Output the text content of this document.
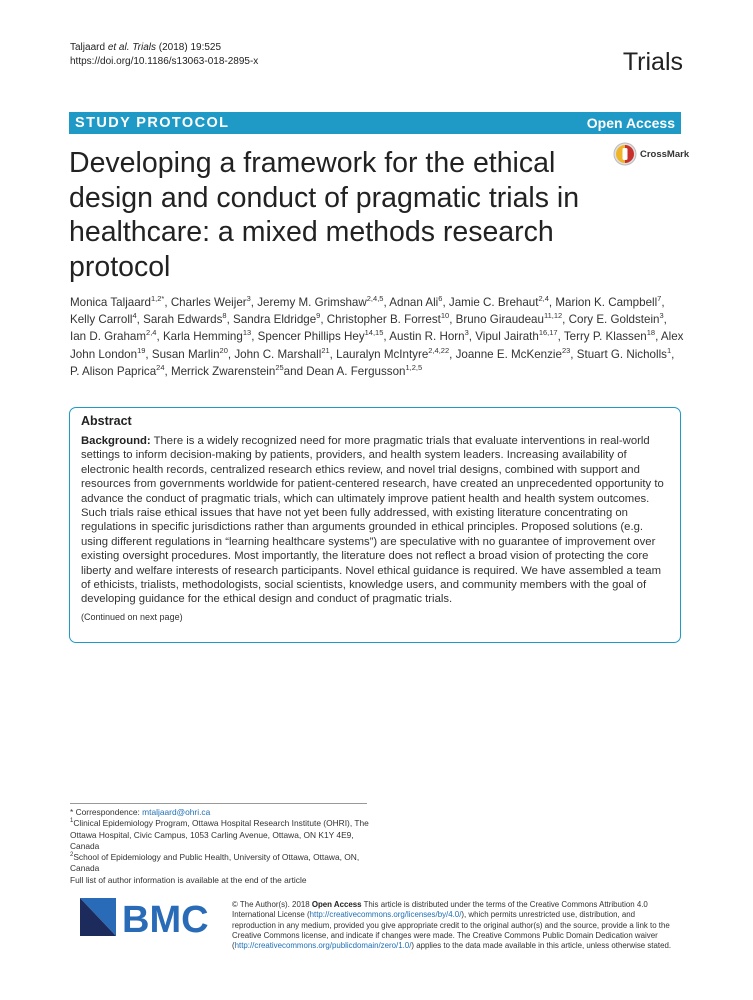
Taljaard et al. Trials (2018) 19:525
https://doi.org/10.1186/s13063-018-2895-x	Trials
STUDY PROTOCOL	Open Access
Developing a framework for the ethical design and conduct of pragmatic trials in healthcare: a mixed methods research protocol
CrossMark
Monica Taljaard$^{1,2*}$, Charles Weijer$^3$, Jeremy M. Grimshaw$^{2,4,5}$, Adnan Ali$^6$, Jamie C. Brehaut$^{2,4}$, Marion K. Campbell$^7$, Kelly Carroll$^4$, Sarah Edwards$^8$, Sandra Eldridge$^9$, Christopher B. Forrest$^{10}$, Bruno Giraudeau$^{11,12}$, Cory E. Goldstein$^3$, Ian D. Graham$^{2,4}$, Karla Hemming$^{13}$, Spencer Phillips Hey$^{14,15}$, Austin R. Horn$^3$, Vipul Jairath$^{16,17}$, Terry P. Klassen$^{18}$, Alex John London$^{19}$, Susan Marlin$^{20}$, John C. Marshall$^{21}$, Lauralyn McIntyre$^{2,4,22}$, Joanne E. McKenzie$^{23}$, Stuart G. Nicholls$^1$, P. Alison Paprica$^{24}$, Merrick Zwarenstein$^{25}$and Dean A. Fergusson$^{1,2,5}$
Abstract
Background: There is a widely recognized need for more pragmatic trials that evaluate interventions in real-world settings to inform decision-making by patients, providers, and health system leaders. Increasing availability of electronic health records, centralized research ethics review, and novel trial designs, combined with support and resources from governments worldwide for patient-centered research, have created an unprecedented opportunity to advance the conduct of pragmatic trials, which can ultimately improve patient health and health system outcomes. Such trials raise ethical issues that have not yet been fully addressed, with existing literature concentrating on regulations in specific jurisdictions rather than arguments grounded in ethical principles. Proposed solutions (e.g. using different regulations in “learning healthcare systems”) are speculative with no guarantee of improvement over existing oversight procedures. Most importantly, the literature does not reflect a broad vision of protecting the core liberty and welfare interests of research participants. Novel ethical guidance is required. We have assembled a team of ethicists, trialists, methodologists, social scientists, knowledge users, and community members with the goal of developing guidance for the ethical design and conduct of pragmatic trials.
(Continued on next page)
* Correspondence: mtaljaard@ohri.ca
$^1$Clinical Epidemiology Program, Ottawa Hospital Research Institute (OHRI), The Ottawa Hospital, Civic Campus, 1053 Carling Avenue, Ottawa, ON K1Y 4E9, Canada
$^2$School of Epidemiology and Public Health, University of Ottawa, Ottawa, ON, Canada
Full list of author information is available at the end of the article
BMC	© The Author(s). 2018 Open Access This article is distributed under the terms of the Creative Commons Attribution 4.0 International License (http://creativecommons.org/licenses/by/4.0/), which permits unrestricted use, distribution, and reproduction in any medium, provided you give appropriate credit to the original author(s) and the source, provide a link to the Creative Commons license, and indicate if changes were made. The Creative Commons Public Domain Dedication waiver (http://creativecommons.org/publicdomain/zero/1.0/) applies to the data made available in this article, unless otherwise stated.
